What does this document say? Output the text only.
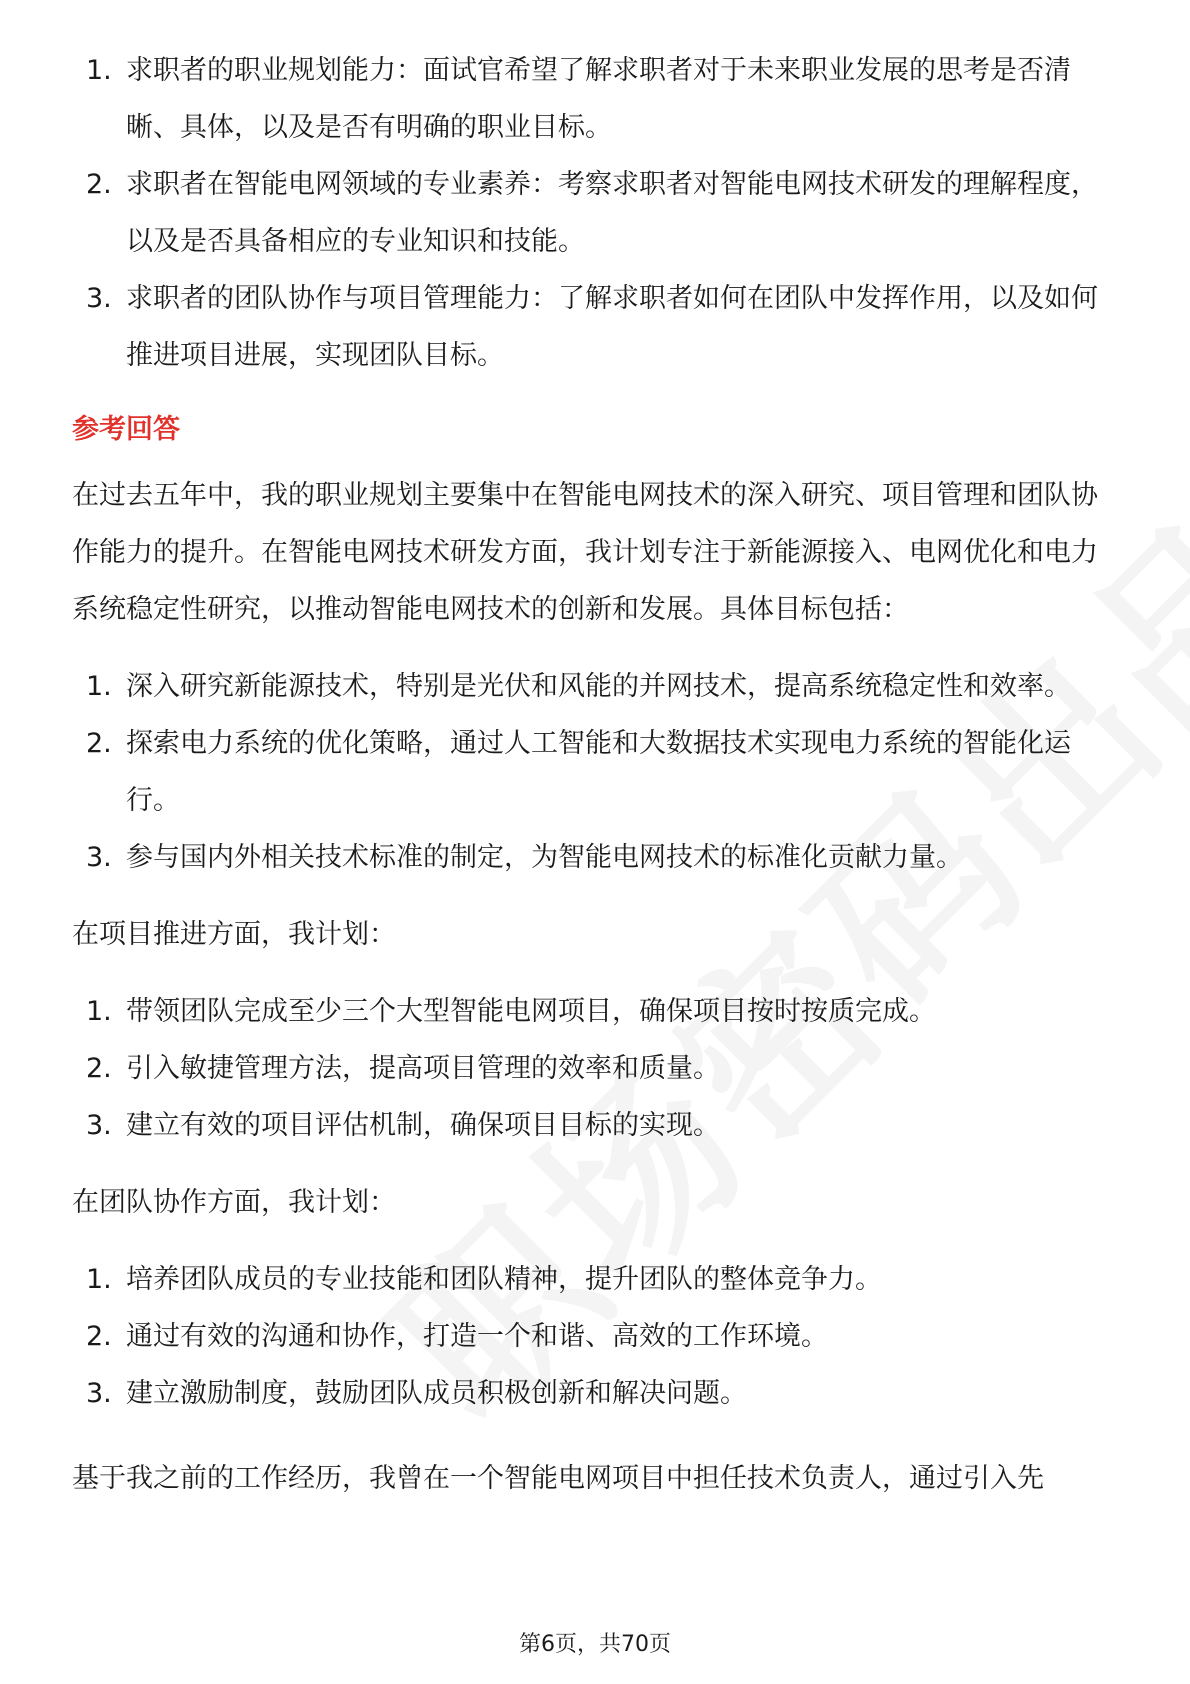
1. 求职者的职业规划能力：面试官希望了解求职者对于未来职业发展的思考是否清晰、具体，以及是否有明确的职业目标。
2. 求职者在智能电网领域的专业素养：考察求职者对智能电网技术研发的理解程度，以及是否具备相应的专业知识和技能。
3. 求职者的团队协作与项目管理能力：了解求职者如何在团队中发挥作用，以及如何推进项目进展，实现团队目标。
参考回答

在过去五年中，我的职业规划主要集中在智能电网技术的深入研究、项目管理和团队协作能力的提升。在智能电网技术研发方面，我计划专注于新能源接入、电网优化和电力系统稳定性研究，以推动智能电网技术的创新和发展。具体目标包括：

1. 深入研究新能源技术，特别是光伏和风能的并网技术，提高系统稳定性和效率。
2. 探索电力系统的优化策略，通过人工智能和大数据技术实现电力系统的智能化运行。
3. 参与国内外相关技术标准的制定，为智能电网技术的标准化贡献力量。

在项目推进方面，我计划：

1. 带领团队完成至少三个大型智能电网项目，确保项目按时按质完成。
2. 引入敏捷管理方法，提高项目管理的效率和质量。
3. 建立有效的项目评估机制，确保项目目标的实现。

在团队协作方面，我计划：

1. 培养团队成员的专业技能和团队精神，提升团队的整体竞争力。
2. 通过有效的沟通和协作，打造一个和谐、高效的工作环境。
3. 建立激励制度，鼓励团队成员积极创新和解决问题。

基于我之前的工作经历，我曾在一个智能电网项目中担任技术负责人，通过引入先

第6页，共70页
